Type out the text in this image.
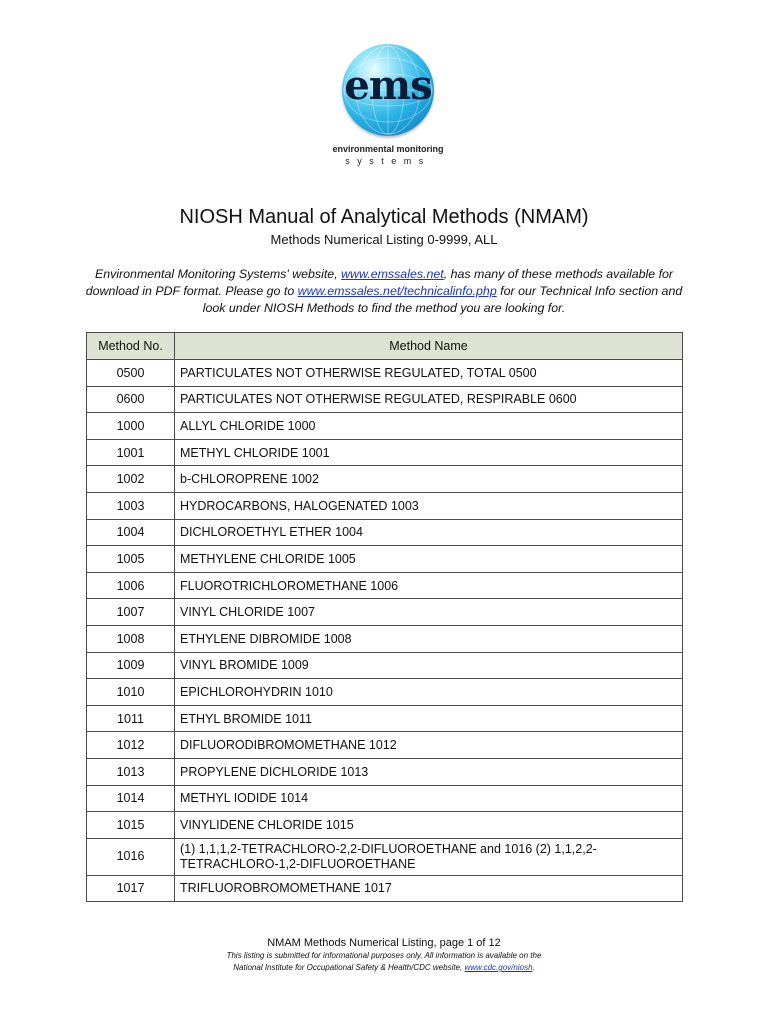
ems
environmental monitoring
systems
NIOSH Manual of Analytical Methods (NMAM)
Methods Numerical Listing 0-9999, ALL
Environmental Monitoring Systems' website, www.emssales.net, has many of these methods available for download in PDF format. Please go to www.emssales.net/technicalinfo.php for our Technical Info section and look under NIOSH Methods to find the method you are looking for.
Method No.	Method Name
0500	PARTICULATES NOT OTHERWISE REGULATED, TOTAL 0500
0600	PARTICULATES NOT OTHERWISE REGULATED, RESPIRABLE 0600
1000	ALLYL CHLORIDE 1000
1001	METHYL CHLORIDE 1001
1002	b-CHLOROPRENE 1002
1003	HYDROCARBONS, HALOGENATED 1003
1004	DICHLOROETHYL ETHER 1004
1005	METHYLENE CHLORIDE 1005
1006	FLUOROTRICHLOROMETHANE 1006
1007	VINYL CHLORIDE 1007
1008	ETHYLENE DIBROMIDE 1008
1009	VINYL BROMIDE 1009
1010	EPICHLOROHYDRIN 1010
1011	ETHYL BROMIDE 1011
1012	DIFLUORODIBROMOMETHANE 1012
1013	PROPYLENE DICHLORIDE 1013
1014	METHYL IODIDE 1014
1015	VINYLIDENE CHLORIDE 1015
1016	(1) 1,1,1,2-TETRACHLORO-2,2-DIFLUOROETHANE and 1016 (2) 1,1,2,2-TETRACHLORO-1,2-DIFLUOROETHANE
1017	TRIFLUOROBROMOMETHANE 1017
NMAM Methods Numerical Listing, page 1 of 12
This listing is submitted for informational purposes only. All information is available on the
National Institute for Occupational Safety & Health/CDC website, www.cdc.gov/niosh.
